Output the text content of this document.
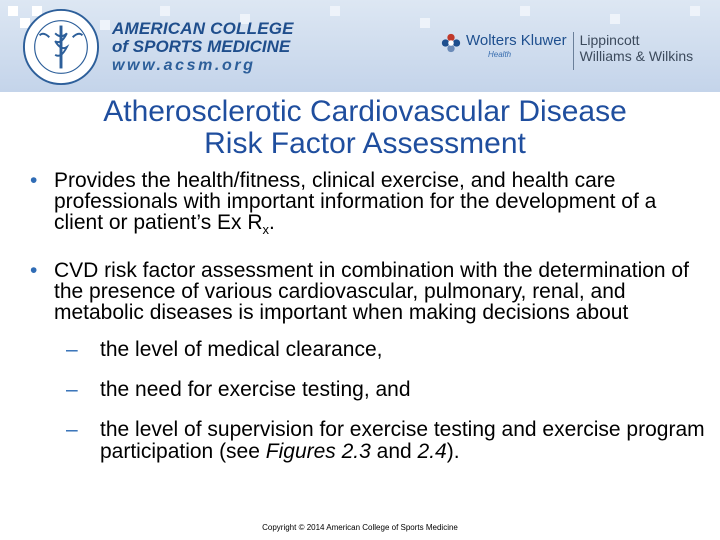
AMERICAN COLLEGE
of SPORTS MEDICINE
www.acsm.org
Wolters Kluwer
Health
Lippincott
Williams & Wilkins
Atherosclerotic Cardiovascular Disease
Risk Factor Assessment
• Provides the health/fitness, clinical exercise, and health care professionals with important information for the development of a client or patient’s Ex $R_x$.
• CVD risk factor assessment in combination with the determination of the presence of various cardiovascular, pulmonary, renal, and metabolic diseases is important when making decisions about
– the level of medical clearance,
– the need for exercise testing, and
– the level of supervision for exercise testing and exercise program participation (see Figures 2.3 and 2.4).
Copyright © 2014 American College of Sports Medicine
